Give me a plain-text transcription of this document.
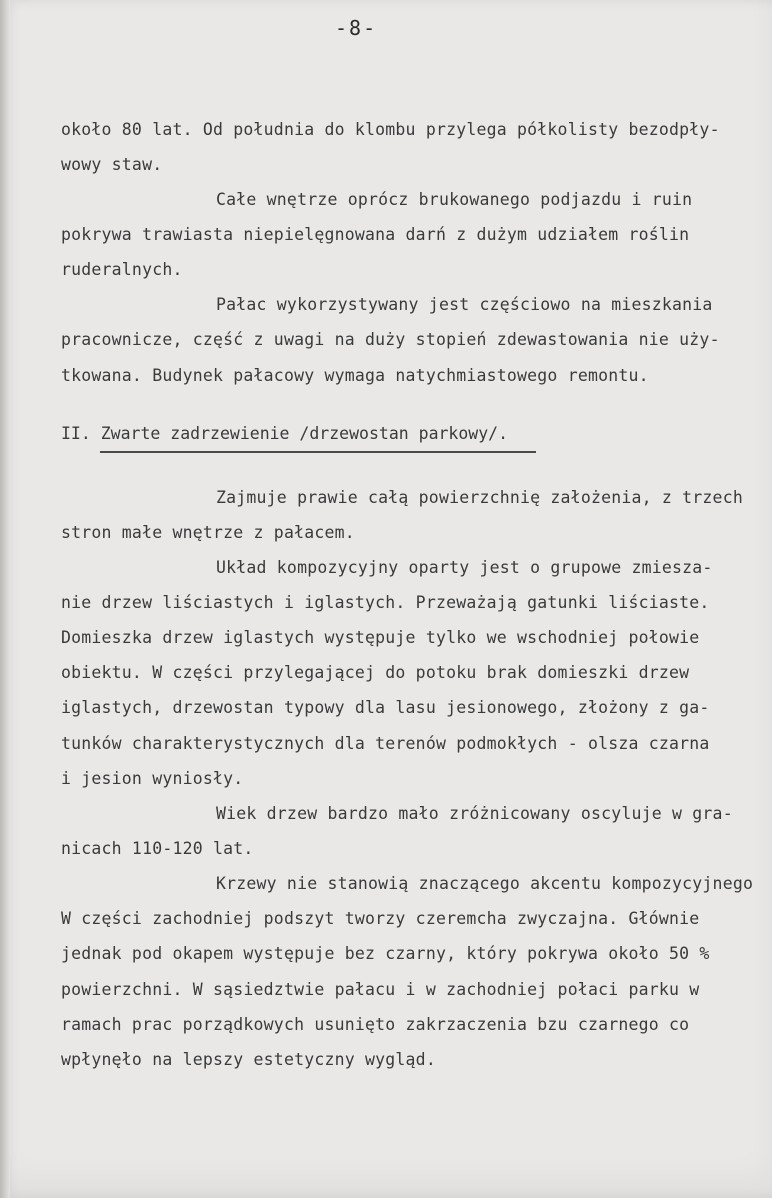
-8-
około 80 lat. Od południa do klombu przylega półkolisty bezodpły-
wowy staw.
Całe wnętrze oprócz brukowanego podjazdu i ruin
pokrywa trawiasta niepielęgnowana darń z dużym udziałem roślin
ruderalnych.
Pałac wykorzystywany jest częściowo na mieszkania
pracownicze, część z uwagi na duży stopień zdewastowania nie uży-
tkowana. Budynek pałacowy wymaga natychmiastowego remontu.
II. Zwarte zadrzewienie /drzewostan parkowy/.
Zajmuje prawie całą powierzchnię założenia, z trzech
stron małe wnętrze z pałacem.
Układ kompozycyjny oparty jest o grupowe zmiesza-
nie drzew liściastych i iglastych. Przeważają gatunki liściaste.
Domieszka drzew iglastych występuje tylko we wschodniej połowie
obiektu. W części przylegającej do potoku brak domieszki drzew
iglastych, drzewostan typowy dla lasu jesionowego, złożony z ga-
tunków charakterystycznych dla terenów podmokłych - olsza czarna
i jesion wyniosły.
Wiek drzew bardzo mało zróżnicowany oscyluje w gra-
nicach 110-120 lat.
Krzewy nie stanowią znaczącego akcentu kompozycyjnego
W części zachodniej podszyt tworzy czeremcha zwyczajna. Głównie
jednak pod okapem występuje bez czarny, który pokrywa około 50 %
powierzchni. W sąsiedztwie pałacu i w zachodniej połaci parku w
ramach prac porządkowych usunięto zakrzaczenia bzu czarnego co
wpłynęło na lepszy estetyczny wygląd.
